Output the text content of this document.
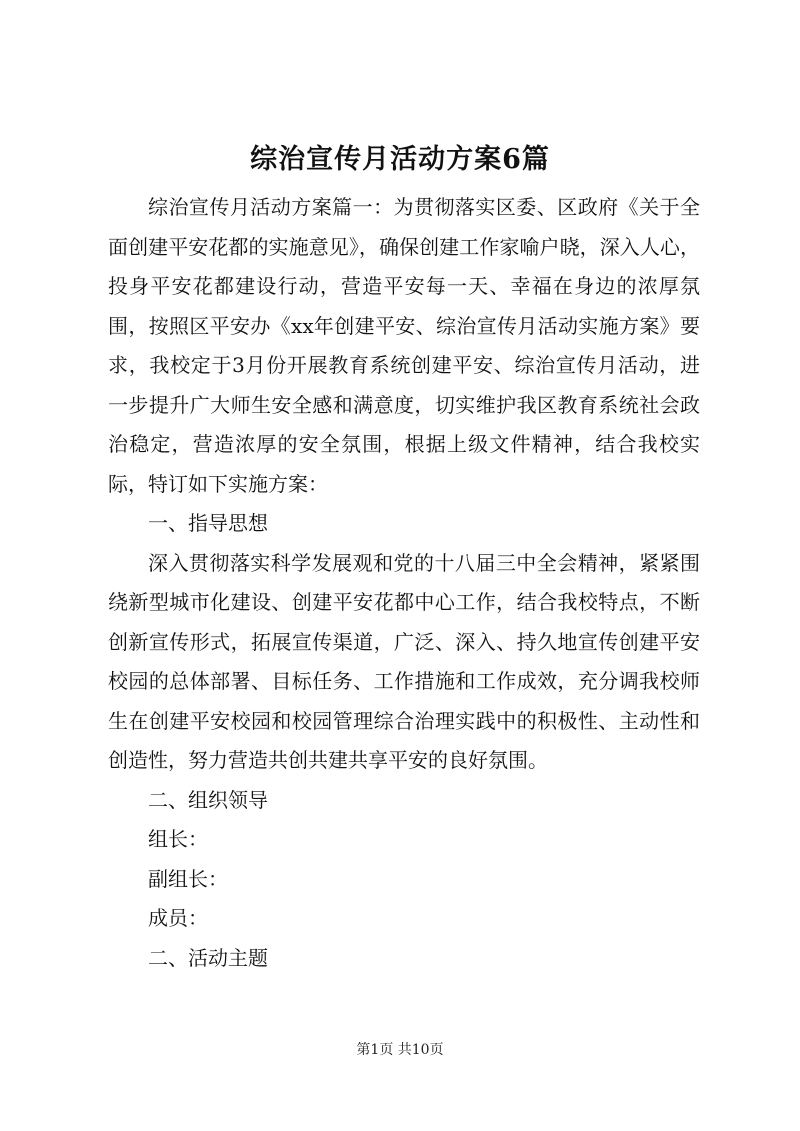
综治宣传月活动方案6篇

综治宣传月活动方案篇一：为贯彻落实区委、区政府《关于全面创建平安花都的实施意见》，确保创建工作家喻户晓，深入人心，投身平安花都建设行动，营造平安每一天、幸福在身边的浓厚氛围，按照区平安办《xx年创建平安、综治宣传月活动实施方案》要求，我校定于3月份开展教育系统创建平安、综治宣传月活动，进一步提升广大师生安全感和满意度，切实维护我区教育系统社会政治稳定，营造浓厚的安全氛围，根据上级文件精神，结合我校实际，特订如下实施方案：

一、指导思想

深入贯彻落实科学发展观和党的十八届三中全会精神，紧紧围绕新型城市化建设、创建平安花都中心工作，结合我校特点，不断创新宣传形式，拓展宣传渠道，广泛、深入、持久地宣传创建平安校园的总体部署、目标任务、工作措施和工作成效，充分调我校师生在创建平安校园和校园管理综合治理实践中的积极性、主动性和创造性，努力营造共创共建共享平安的良好氛围。

二、组织领导

组长：

副组长：

成员：

二、活动主题

第1页 共10页
